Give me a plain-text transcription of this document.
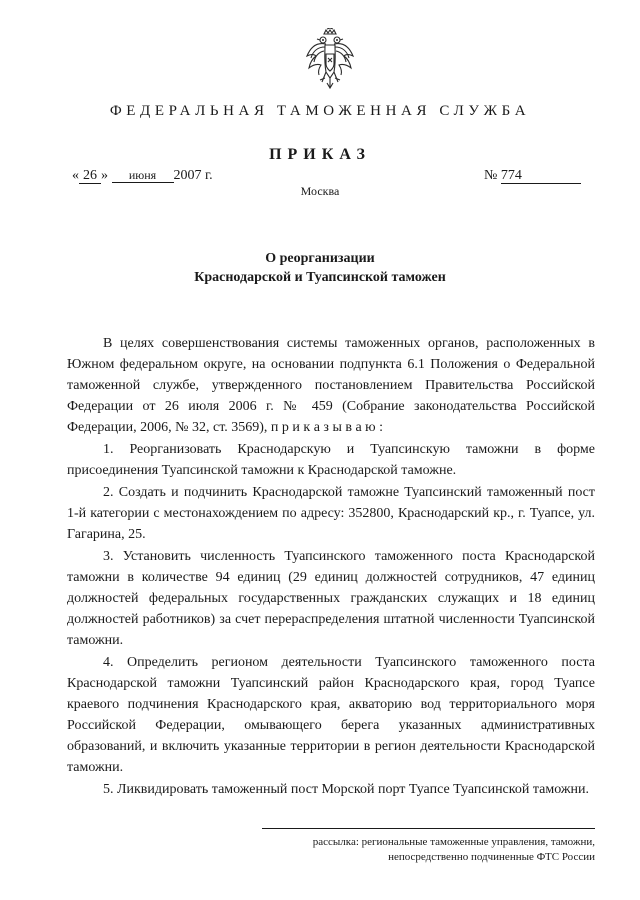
ФЕДЕРАЛЬНАЯ ТАМОЖЕННАЯ СЛУЖБА
ПРИКАЗ
« 26 » июня 2007 г.	№ 774
Москва
О реорганизации
Краснодарской и Туапсинской таможен

В целях совершенствования системы таможенных органов, расположенных в Южном федеральном округе, на основании подпункта 6.1 Положения о Федеральной таможенной службе, утвержденного постановлением Правительства Российской Федерации от 26 июля 2006 г. № 459 (Собрание законодательства Российской Федерации, 2006, № 32, ст. 3569), п р и к а з ы в а ю :

1. Реорганизовать Краснодарскую и Туапсинскую таможни в форме присоединения Туапсинской таможни к Краснодарской таможне.

2. Создать и подчинить Краснодарской таможне Туапсинский таможенный пост 1-й категории с местонахождением по адресу: 352800, Краснодарский кр., г. Туапсе, ул. Гагарина, 25.

3. Установить численность Туапсинского таможенного поста Краснодарской таможни в количестве 94 единиц (29 единиц должностей сотрудников, 47 единиц должностей федеральных государственных гражданских служащих и 18 единиц должностей работников) за счет перераспределения штатной численности Туапсинской таможни.

4. Определить регионом деятельности Туапсинского таможенного поста Краснодарской таможни Туапсинский район Краснодарского края, город Туапсе краевого подчинения Краснодарского края, акваторию вод территориального моря Российской Федерации, омывающего берега указанных административных образований, и включить указанные территории в регион деятельности Краснодарской таможни.

5. Ликвидировать таможенный пост Морской порт Туапсе Туапсинской таможни.

рассылка: региональные таможенные управления, таможни,
непосредственно подчиненные ФТС России
